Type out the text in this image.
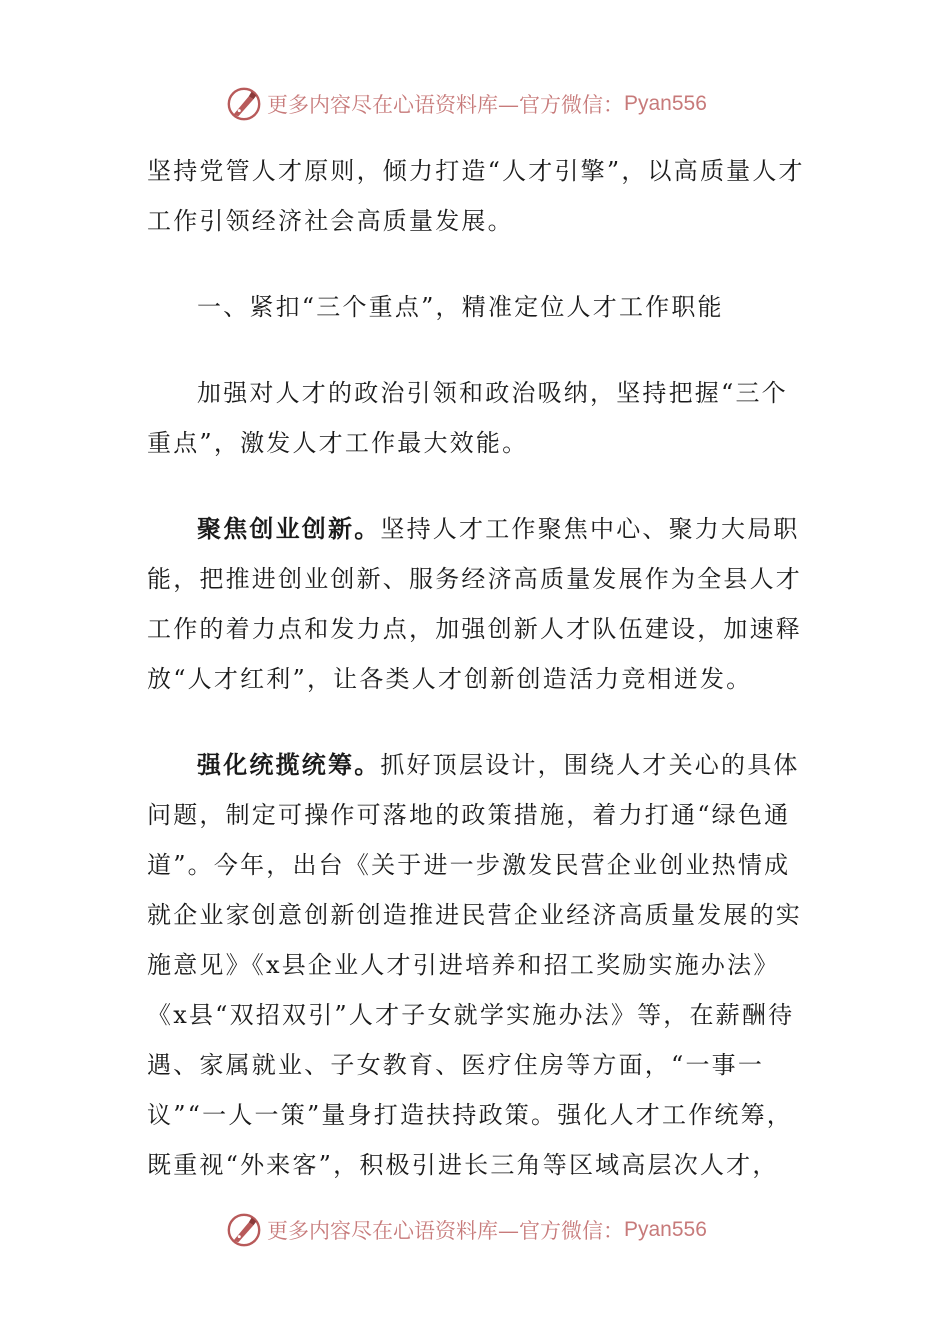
更多内容尽在心语资料库—官方微信： Pyan556

坚持党管人才原则，倾力打造“人才引擎”，以高质量人才工作引领经济社会高质量发展。

一、紧扣“三个重点”，精准定位人才工作职能

加强对人才的政治引领和政治吸纳，坚持把握“三个重点”，激发人才工作最大效能。

聚焦创业创新。坚持人才工作聚焦中心、聚力大局职能，把推进创业创新、服务经济高质量发展作为全县人才工作的着力点和发力点，加强创新人才队伍建设，加速释放“人才红利”，让各类人才创新创造活力竞相迸发。

强化统揽统筹。抓好顶层设计，围绕人才关心的具体问题，制定可操作可落地的政策措施，着力打通“绿色通道”。今年，出台《关于进一步激发民营企业创业热情成就企业家创意创新创造推进民营企业经济高质量发展的实施意见》《x县企业人才引进培养和招工奖励实施办法》《x县“双招双引”人才子女就学实施办法》等，在薪酬待遇、家属就业、子女教育、医疗住房等方面，“一事一议”“一人一策”量身打造扶持政策。强化人才工作统筹，既重视“外来客”，积极引进长三角等区域高层次人才，

更多内容尽在心语资料库—官方微信： Pyan556
